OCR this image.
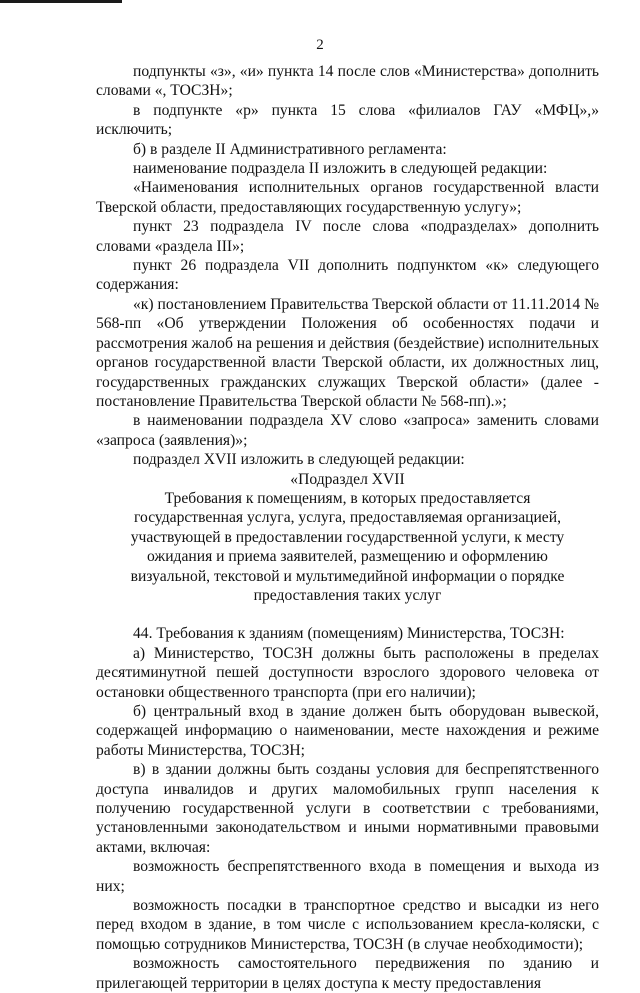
2

подпункты «з», «и» пункта 14 после слов «Министерства» дополнить словами «, ТОСЗН»;

в подпункте «р» пункта 15 слова «филиалов ГАУ «МФЦ»,» исключить;

б) в разделе II Административного регламента:

наименование подраздела II изложить в следующей редакции:

«Наименования исполнительных органов государственной власти Тверской области, предоставляющих государственную услугу»;

пункт 23 подраздела IV после слова «подразделах» дополнить словами «раздела III»;

пункт 26 подраздела VII дополнить подпунктом «к» следующего содержания:

«к) постановлением Правительства Тверской области от 11.11.2014 № 568-пп «Об утверждении Положения об особенностях подачи и рассмотрения жалоб на решения и действия (бездействие) исполнительных органов государственной власти Тверской области, их должностных лиц, государственных гражданских служащих Тверской области» (далее - постановление Правительства Тверской области № 568-пп).»;

в наименовании подраздела XV слово «запроса» заменить словами «запроса (заявления)»;

подраздел XVII изложить в следующей редакции:

«Подраздел XVII

Требования к помещениям, в которых предоставляется государственная услуга, услуга, предоставляемая организацией, участвующей в предоставлении государственной услуги, к месту ожидания и приема заявителей, размещению и оформлению визуальной, текстовой и мультимедийной информации о порядке предоставления таких услуг

44. Требования к зданиям (помещениям) Министерства, ТОСЗН:

а) Министерство, ТОСЗН должны быть расположены в пределах десятиминутной пешей доступности взрослого здорового человека от остановки общественного транспорта (при его наличии);

б) центральный вход в здание должен быть оборудован вывеской, содержащей информацию о наименовании, месте нахождения и режиме работы Министерства, ТОСЗН;

в) в здании должны быть созданы условия для беспрепятственного доступа инвалидов и других маломобильных групп населения к получению государственной услуги в соответствии с требованиями, установленными законодательством и иными нормативными правовыми актами, включая:

возможность беспрепятственного входа в помещения и выхода из них;

возможность посадки в транспортное средство и высадки из него перед входом в здание, в том числе с использованием кресла-коляски, с помощью сотрудников Министерства, ТОСЗН (в случае необходимости);

возможность самостоятельного передвижения по зданию и прилегающей территории в целях доступа к месту предоставления
